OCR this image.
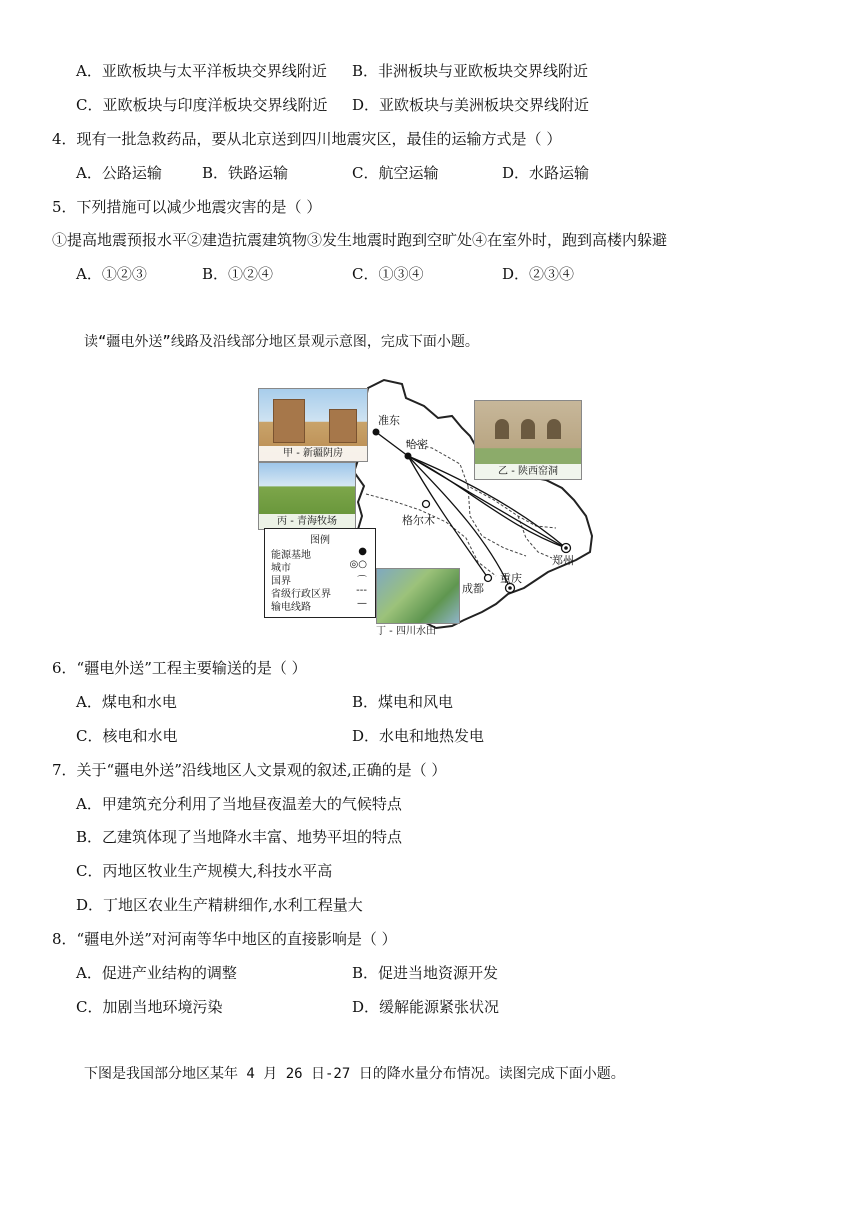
A．亚欧板块与太平洋板块交界线附近 B．非洲板块与亚欧板块交界线附近
C．亚欧板块与印度洋板块交界线附近 D．亚欧板块与美洲板块交界线附近
4．现有一批急救药品，要从北京送到四川地震灾区，最佳的运输方式是（ ）
A．公路运输	B．铁路运输	C．航空运输	D．水路运输
5．下列措施可以减少地震灾害的是（ ）
①提高地震预报水平②建造抗震建筑物③发生地震时跑到空旷处④在室外时，跑到高楼内躲避
A．①②③	B．①②④	C．①③④	D．②③④
读“疆电外送”线路及沿线部分地区景观示意图，完成下面小题。
准东
哈密
格尔木
成都
重庆
郑州
甲 - 新疆阴房
乙 - 陕西窑洞
丙 - 青海牧场
丁 - 四川水田
图例
能源基地	●
城市	◎○
国界	⌒
省级行政区界	---
输电线路	—
6．“疆电外送”工程主要输送的是（ ）
A．煤电和水电	B．煤电和风电
C．核电和水电	D．水电和地热发电
7．关于“疆电外送”沿线地区人文景观的叙述,正确的是（ ）
A．甲建筑充分利用了当地昼夜温差大的气候特点
B．乙建筑体现了当地降水丰富、地势平坦的特点
C．丙地区牧业生产规模大,科技水平高
D．丁地区农业生产精耕细作,水利工程量大
8．“疆电外送”对河南等华中地区的直接影响是（ ）
A．促进产业结构的调整	B．促进当地资源开发
C．加剧当地环境污染	D．缓解能源紧张状况
下图是我国部分地区某年 4 月 26 日-27 日的降水量分布情况。读图完成下面小题。
